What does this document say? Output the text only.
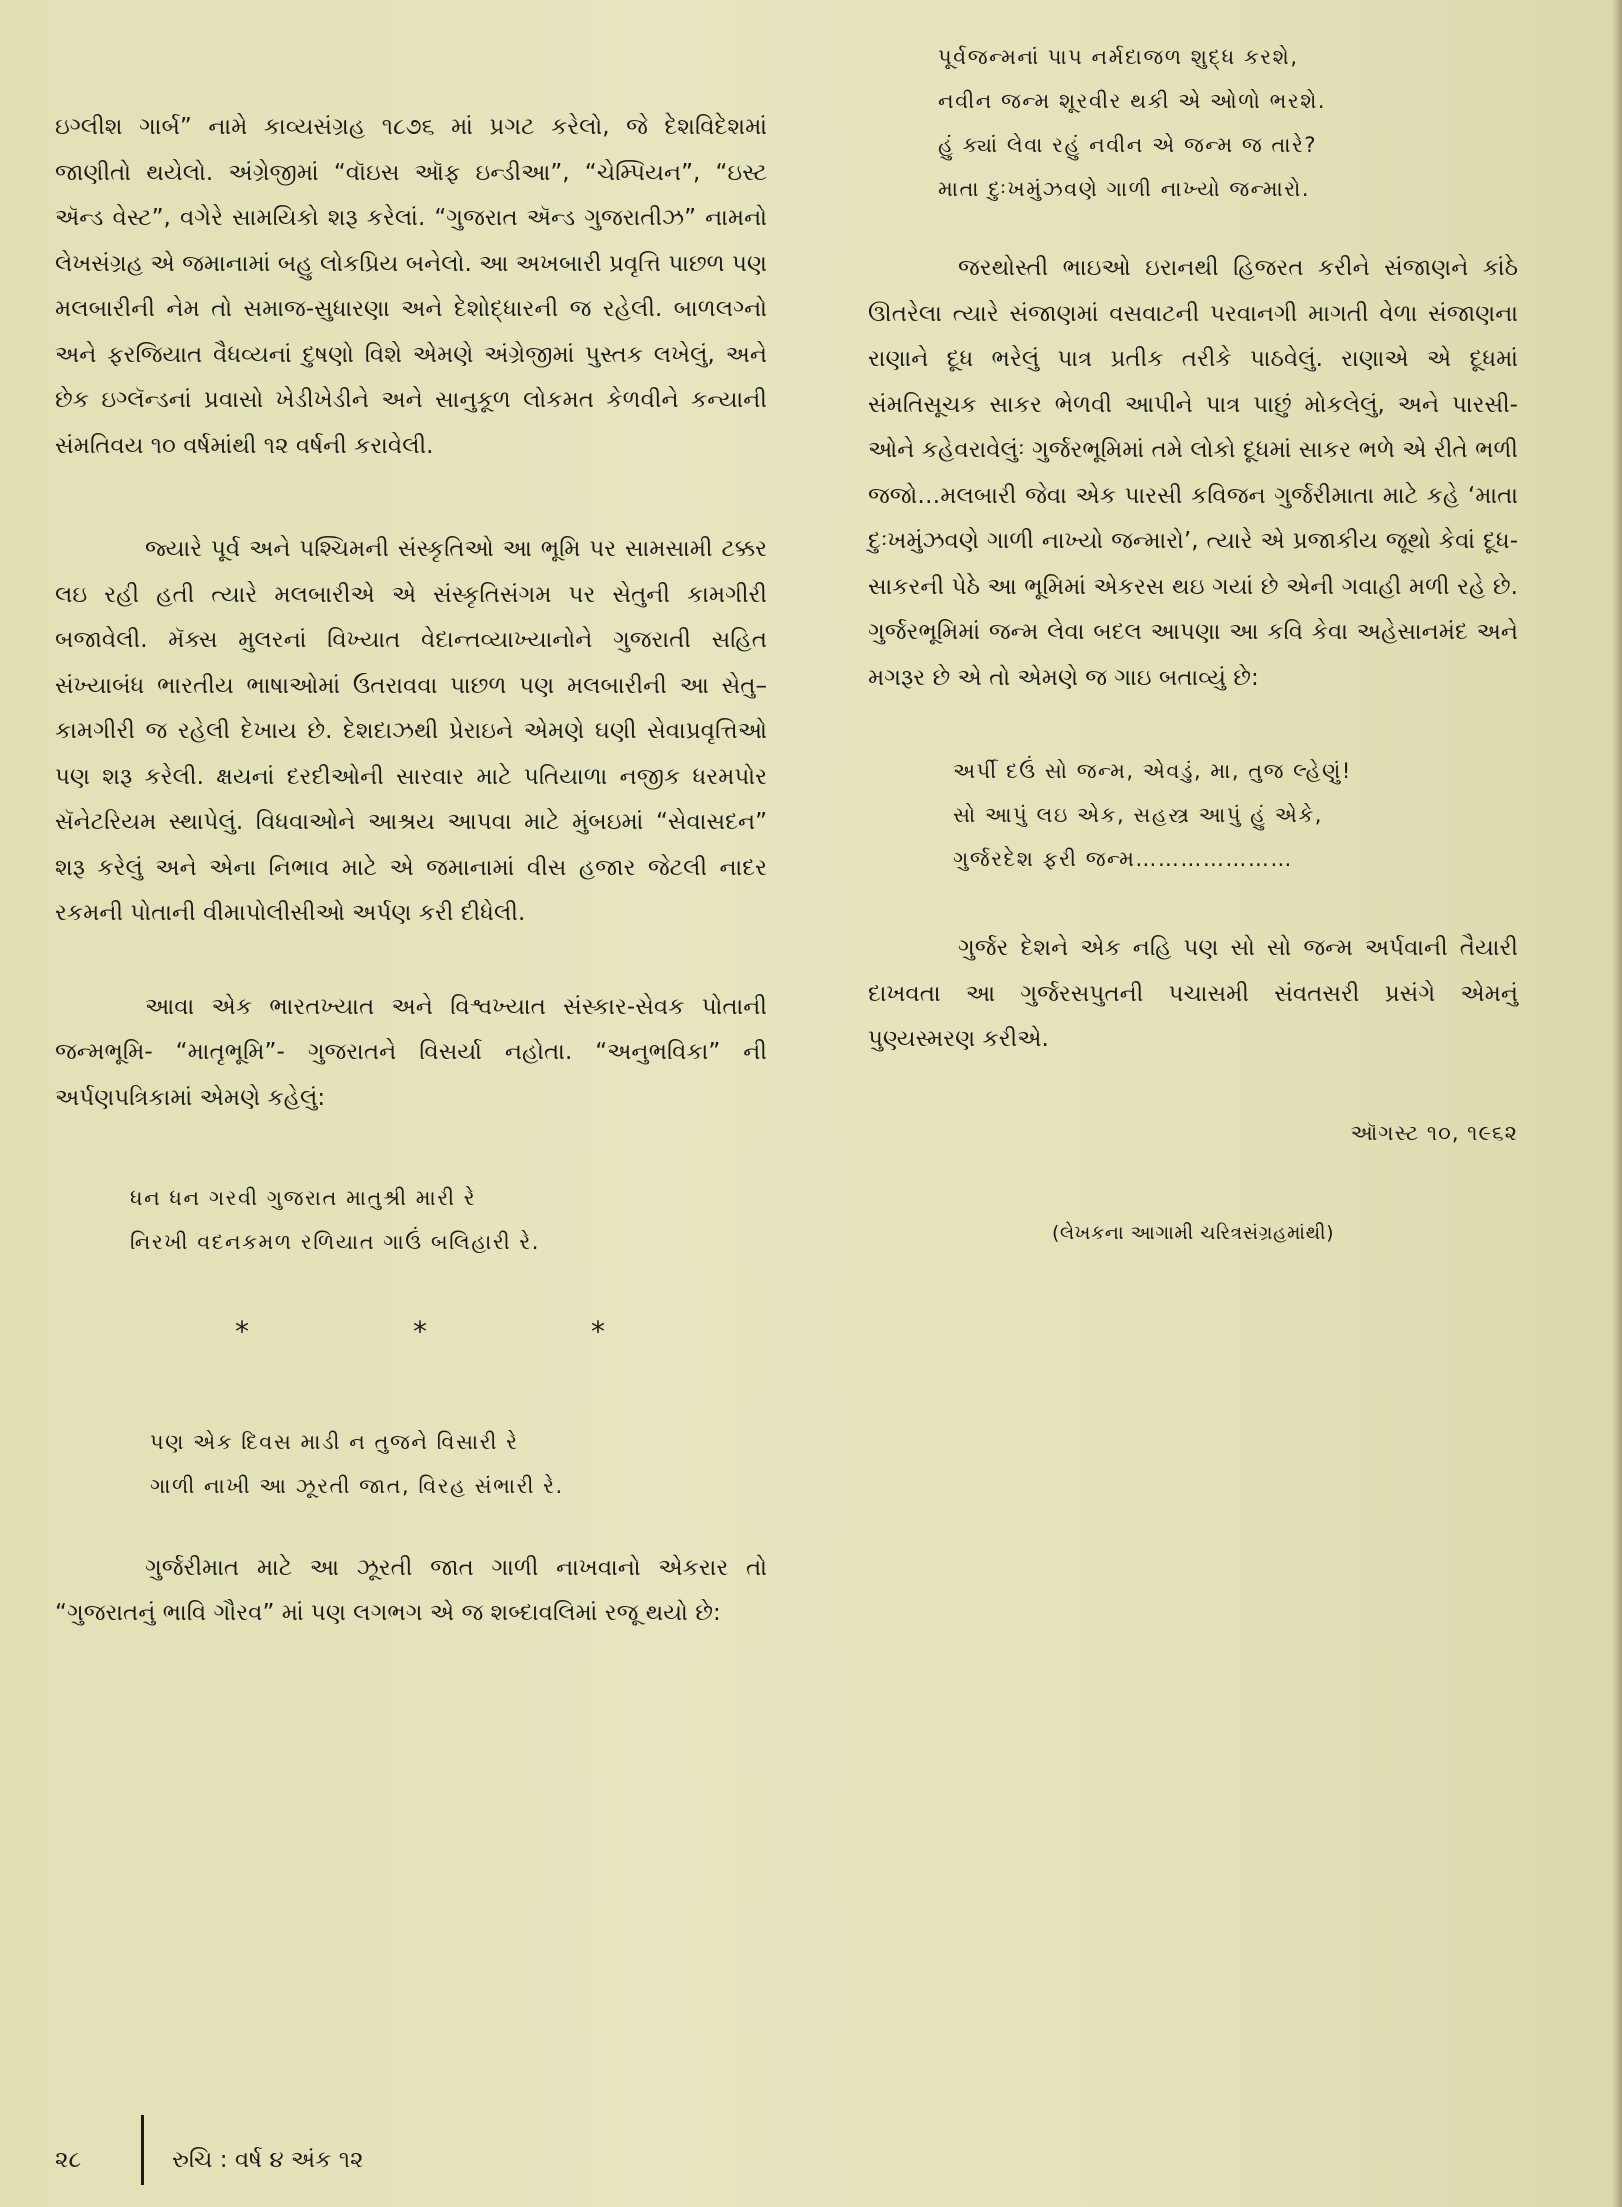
ઇગ્લીશ ગાર્બ” નામે કાવ્યસંગ્રહ ૧૮૭૬ માં પ્રગટ કરેલો, જે દેશવિદેશમાં જાણીતો થયેલો. અંગ્રેજીમાં “વૉઇસ ઑફ ઇન્ડીઆ”, “ચેમ્પિયન”, “ઇસ્ટ ઍન્ડ વેસ્ટ”, વગેરે સામયિકો શરૂ કરેલાં. “ગુજરાત ઍન્ડ ગુજરાતીઝ” નામનો લેખસંગ્રહ એ જમાનામાં બહુ લોકપ્રિય બનેલો. આ અખબારી પ્રવૃત્તિ પાછળ પણ મલબારીની નેમ તો સમાજ-સુધારણા અને દેશોદ્ધારની જ રહેલી. બાળલગ્નો અને ફરજિયાત વૈધવ્યનાં દુષણો વિશે એમણે અંગ્રેજીમાં પુસ્તક લખેલું, અને છેક ઇગ્લૅન્ડનાં પ્રવાસો ખેડીખેડીને અને સાનુકૂળ લોકમત કેળવીને કન્યાની સંમતિવય ૧૦ વર્ષમાંથી ૧૨ વર્ષની કરાવેલી.

જ્યારે પૂર્વ અને પશ્ચિમની સંસ્કૃતિઓ આ ભૂમિ પર સામસામી ટક્કર લઇ રહી હતી ત્યારે મલબારીએ એ સંસ્કૃતિસંગમ પર સેતુની કામગીરી બજાવેલી. મૅક્સ મુલરનાં વિખ્યાત વેદાન્તવ્યાખ્યાનોને ગુજરાતી સહિત સંખ્યાબંધ ભારતીય ભાષાઓમાં ઉતરાવવા પાછળ પણ મલબારીની આ સેતુ–કામગીરી જ રહેલી દેખાય છે. દેશદાઝથી પ્રેરાઇને એમણે ઘણી સેવાપ્રવૃત્તિઓ પણ શરૂ કરેલી. ક્ષયનાં દરદીઓની સારવાર માટે પતિયાળા નજીક ધરમપોર સૅનેટરિયમ સ્થાપેલું. વિધવાઓને આશ્રય આપવા માટે મુંબઇમાં “સેવાસદન” શરૂ કરેલું અને એના નિભાવ માટે એ જમાનામાં વીસ હજાર જેટલી નાદર રકમની પોતાની વીમાપોલીસીઓ અર્પણ કરી દીધેલી.

આવા એક ભારતખ્યાત અને વિશ્વખ્યાત સંસ્કાર-સેવક પોતાની જન્મભૂમિ- “માતૃભૂમિ”- ગુજરાતને વિસર્યા નહોતા. “અનુભવિકા” ની અર્પણપત્રિકામાં એમણે કહેલું:

ધન ધન ગરવી ગુજરાત માતુશ્રી મારી રે
નિરખી વદનકમળ રળિયાત ગાઉં બલિહારી રે.
*	*	*
પણ એક દિવસ માડી ન તુજને વિસારી રે
ગાળી નાખી આ ઝૂરતી જાત, વિરહ સંભારી રે.

ગુર્જરીમાત માટે આ ઝૂરતી જાત ગાળી નાખવાનો એકરાર તો “ગુજરાતનું ભાવિ ગૌરવ” માં પણ લગભગ એ જ શબ્દાવલિમાં રજૂ થયો છે:

પૂર્વજન્મનાં પાપ નર્મદાજળ શુદ્ધ કરશે,
નવીન જન્મ શૂરવીર થકી એ ઓળો ભરશે.
હું ક્યાં લેવા રહું નવીન એ જન્મ જ તારે?
માતા દુઃખમુંઝવણે ગાળી નાખ્યો જન્મારો.

જરથોસ્તી ભાઇઓ ઇરાનથી હિજરત કરીને સંજાણને કાંઠે ઊતરેલા ત્યારે સંજાણમાં વસવાટની પરવાનગી માગતી વેળા સંજાણના રાણાને દૂધ ભરેલું પાત્ર પ્રતીક તરીકે પાઠવેલું. રાણાએ એ દૂધમાં સંમતિસૂચક સાકર ભેળવી આપીને પાત્ર પાછું મોકલેલું, અને પારસી-ઓને કહેવરાવેલુંઃ ગુર્જરભૂમિમાં તમે લોકો દૂધમાં સાકર ભળે એ રીતે ભળી જજો…મલબારી જેવા એક પારસી કવિજન ગુર્જરીમાતા માટે કહે ‘માતા દુઃખમુંઝવણે ગાળી નાખ્યો જન્મારો’, ત્યારે એ પ્રજાકીય જૂથો કેવાં દૂધ-સાકરની પેઠે આ ભૂમિમાં એકરસ થઇ ગયાં છે એની ગવાહી મળી રહે છે. ગુર્જરભૂમિમાં જન્મ લેવા બદલ આપણા આ કવિ કેવા અહેસાનમંદ અને મગરૂર છે એ તો એમણે જ ગાઇ બતાવ્યું છે:

અર્પી દઉં સો જન્મ, એવડું, મા, તુજ લ્હેણું!
સો આપું લઇ એક, સહસ્ત્ર આપું હું એકે,
ગુર્જરદેશ ફરી જન્મ…………………

ગુર્જર દેશને એક નહિ પણ સો સો જન્મ અર્પવાની તૈયારી દાખવતા આ ગુર્જરસપુતની પચાસમી સંવતસરી પ્રસંગે એમનું પુણ્યસ્મરણ કરીએ.

ઑગસ્ટ ૧૦, ૧૯૬૨
(લેખકના આગામી ચરિત્રસંગ્રહમાંથી)
૨૮	રુચિ : વર્ષ ૪ અંક ૧૨
